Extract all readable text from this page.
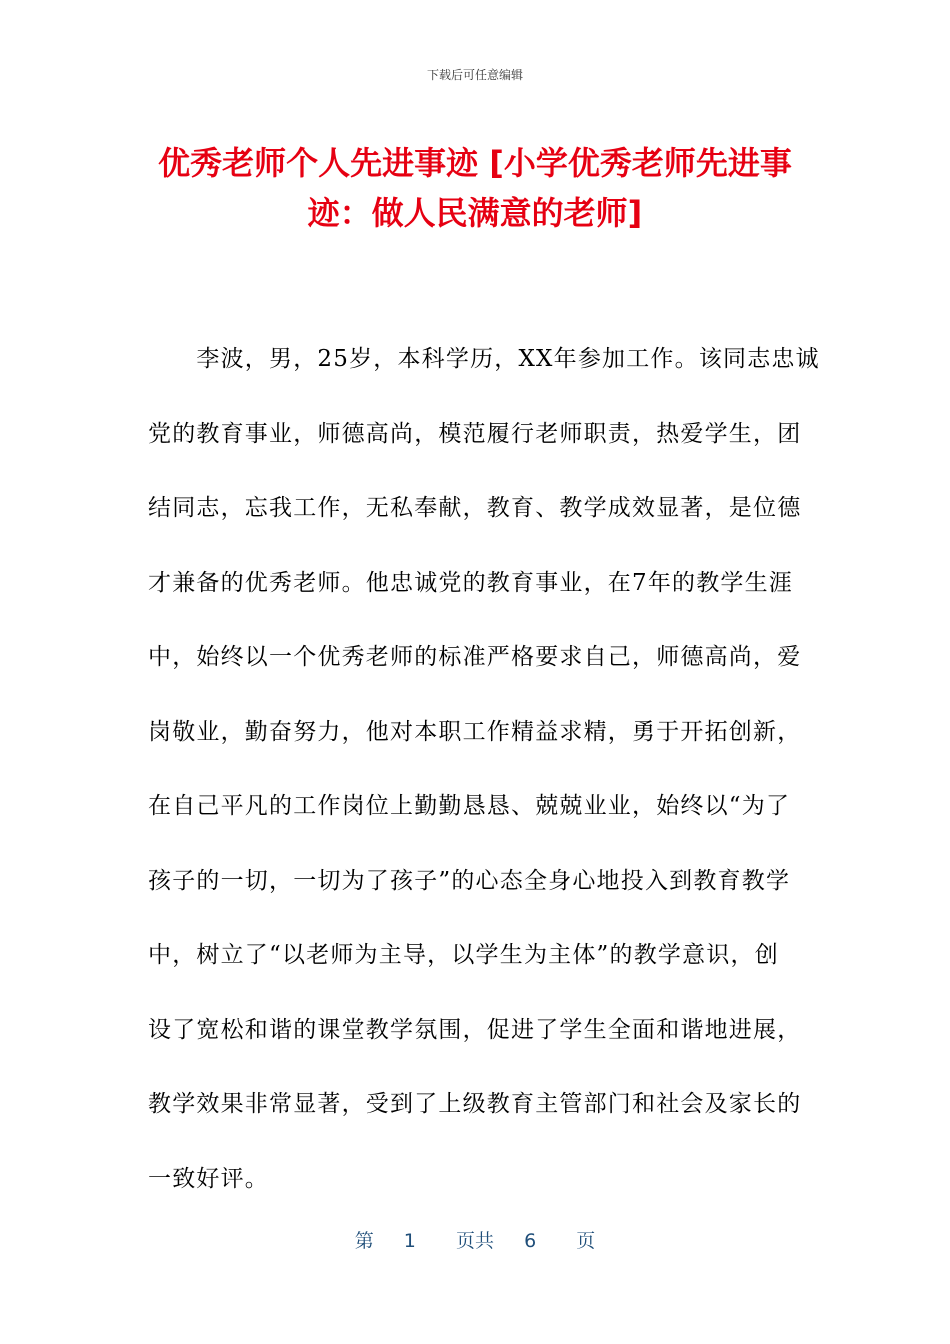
下载后可任意编辑
优秀老师个人先进事迹 [小学优秀老师先进事
迹：做人民满意的老师]
　　李波，男，25岁，本科学历，XX年参加工作。该同志忠诚
党的教育事业，师德高尚，模范履行老师职责，热爱学生，团
结同志，忘我工作，无私奉献，教育、教学成效显著，是位德
才兼备的优秀老师。他忠诚党的教育事业，在7年的教学生涯
中，始终以一个优秀老师的标准严格要求自己，师德高尚，爱
岗敬业，勤奋努力，他对本职工作精益求精，勇于开拓创新，
在自己平凡的工作岗位上勤勤恳恳、兢兢业业，始终以“为了
孩子的一切，一切为了孩子”的心态全身心地投入到教育教学
中，树立了“以老师为主导，以学生为主体”的教学意识，创
设了宽松和谐的课堂教学氛围，促进了学生全面和谐地进展，
教学效果非常显著，受到了上级教育主管部门和社会及家长的
一致好评。
第 1 页共 6 页
